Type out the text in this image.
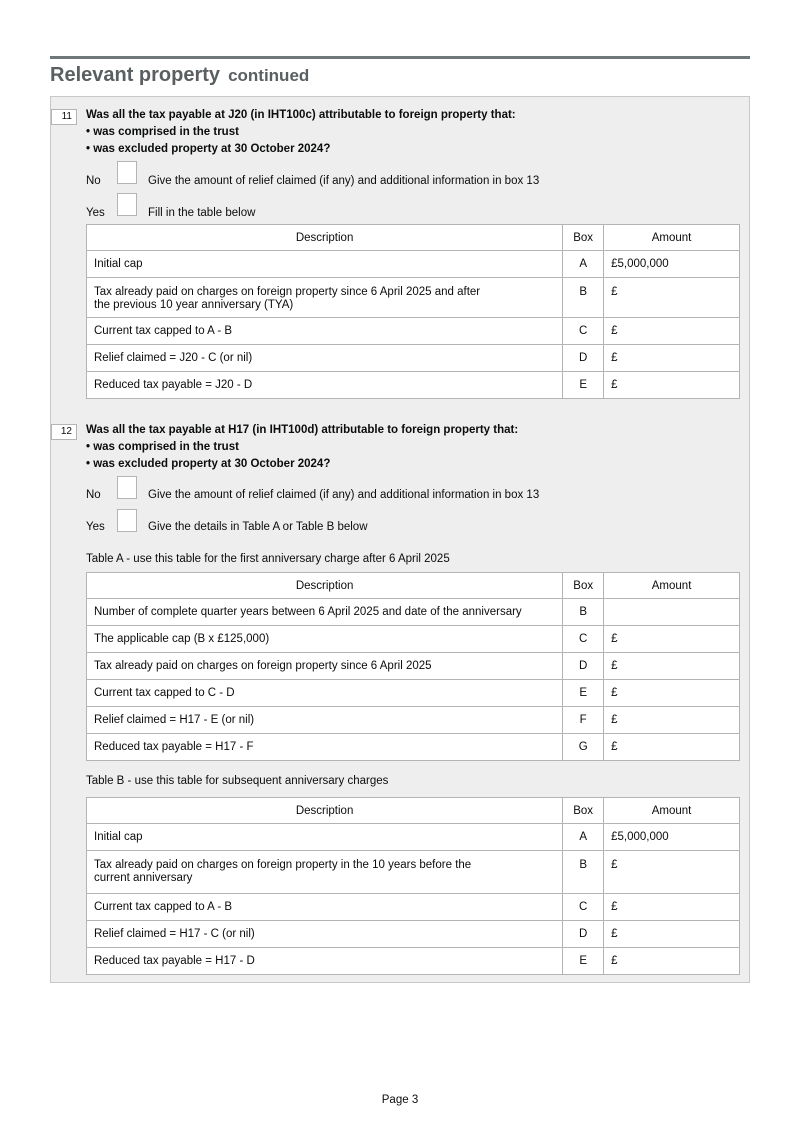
Relevant property continued
11	Was all the tax payable at J20 (in IHT100c) attributable to foreign property that:
• was comprised in the trust
• was excluded property at 30 October 2024?
No	Give the amount of relief claimed (if any) and additional information in box 13
Yes	Fill in the table below
Description	Box	Amount
Initial cap	A	£5,000,000

Tax already paid on charges on foreign property since 6 April 2025 and after
the previous 10 year anniversary (TYA)	B	£
Current tax capped to A - B	C	£
Relief claimed = J20 - C (or nil)	D	£
Reduced tax payable = J20 - D	E	£
12	Was all the tax payable at H17 (in IHT100d) attributable to foreign property that:
• was comprised in the trust
• was excluded property at 30 October 2024?
No	Give the amount of relief claimed (if any) and additional information in box 13
Yes	Give the details in Table A or Table B below
Table A - use this table for the first anniversary charge after 6 April 2025
Description	Box	Amount
Number of complete quarter years between 6 April 2025 and date of the anniversary	B	
The applicable cap (B x £125,000)	C	£
Tax already paid on charges on foreign property since 6 April 2025	D	£
Current tax capped to C - D	E	£
Relief claimed = H17 - E (or nil)	F	£
Reduced tax payable = H17 - F	G	£
Table B - use this table for subsequent anniversary charges
Description	Box	Amount
Initial cap	A	£5,000,000

Tax already paid on charges on foreign property in the 10 years before the
current anniversary	B	£
Current tax capped to A - B	C	£
Relief claimed = H17 - C (or nil)	D	£
Reduced tax payable = H17 - D	E	£
Page 3
